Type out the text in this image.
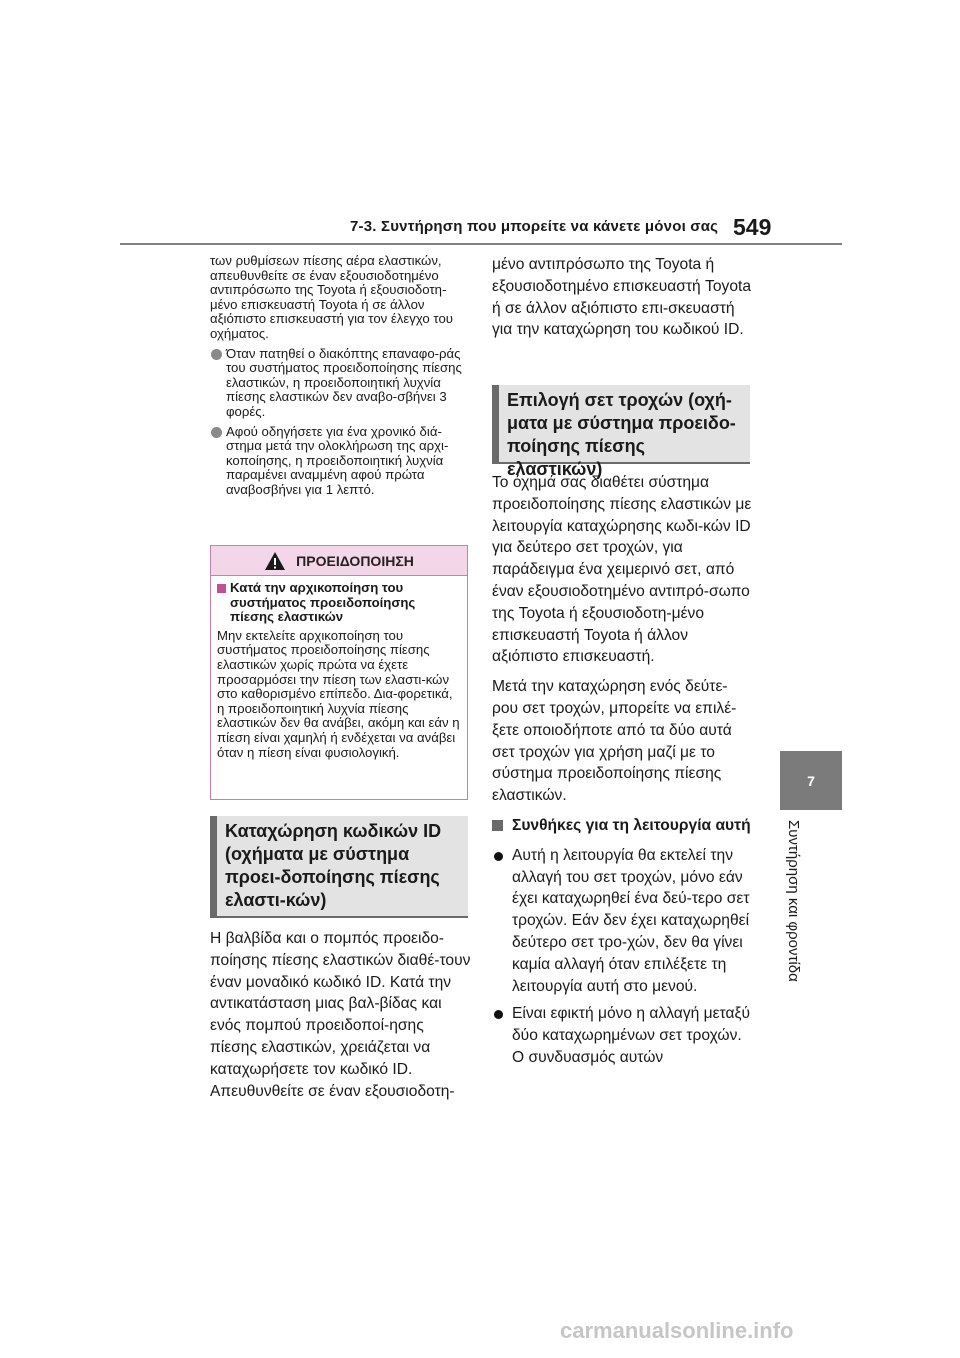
7-3. Συντήρηση που μπορείτε να κάνετε μόνοι σας 549
7
Συντήρηση και φροντίδα

των ρυθμίσεων πίεσης αέρα ελαστικών, απευθυνθείτε σε έναν εξουσιοδοτημένο αντιπρόσωπο της Toyota ή εξουσιοδοτη-μένο επισκευαστή Toyota ή σε άλλον αξιόπιστο επισκευαστή για τον έλεγχο του οχήματος.

Όταν πατηθεί ο διακόπτης επαναφο-ράς του συστήματος προειδοποίησης πίεσης ελαστικών, η προειδοποιητική λυχνία πίεσης ελαστικών δεν αναβο-σβήνει 3 φορές.
Αφού οδηγήσετε για ένα χρονικό διά-στημα μετά την ολοκλήρωση της αρχι-κοποίησης, η προειδοποιητική λυχνία παραμένει αναμμένη αφού πρώτα αναβοσβήνει για 1 λεπτό.
ΠΡΟΕΙΔΟΠΟΙΗΣΗ
Κατά την αρχικοποίηση του συστήματος προειδοποίησης πίεσης ελαστικών

Μην εκτελείτε αρχικοποίηση του συστήματος προειδοποίησης πίεσης ελαστικών χωρίς πρώτα να έχετε προσαρμόσει την πίεση των ελαστι-κών στο καθορισμένο επίπεδο. Δια-φορετικά, η προειδοποιητική λυχνία πίεσης ελαστικών δεν θα ανάβει, ακόμη και εάν η πίεση είναι χαμηλή ή ενδέχεται να ανάβει όταν η πίεση είναι φυσιολογική.

Καταχώρηση κωδικών ID (οχήματα με σύστημα προει-δοποίησης πίεσης ελαστι-κών)

Η βαλβίδα και ο πομπός προειδο-ποίησης πίεσης ελαστικών διαθέ-τουν έναν μοναδικό κωδικό ID. Κατά την αντικατάσταση μιας βαλ-βίδας και ενός πομπού προειδοποί-ησης πίεσης ελαστικών, χρειάζεται να καταχωρήσετε τον κωδικό ID. Απευθυνθείτε σε έναν εξουσιοδοτη-

μένο αντιπρόσωπο της Toyota ή εξουσιοδοτημένο επισκευαστή Toyota ή σε άλλον αξιόπιστο επι-σκευαστή για την καταχώρηση του κωδικού ID.

Επιλογή σετ τροχών (οχή-ματα με σύστημα προειδο-ποίησης πίεσης ελαστικών)

Το όχημά σας διαθέτει σύστημα προειδοποίησης πίεσης ελαστικών με λειτουργία καταχώρησης κωδι-κών ID για δεύτερο σετ τροχών, για παράδειγμα ένα χειμερινό σετ, από έναν εξουσιοδοτημένο αντιπρό-σωπο της Toyota ή εξουσιοδοτη-μένο επισκευαστή Toyota ή άλλον αξιόπιστο επισκευαστή.

Μετά την καταχώρηση ενός δεύτε-ρου σετ τροχών, μπορείτε να επιλέ-ξετε οποιοδήποτε από τα δύο αυτά σετ τροχών για χρήση μαζί με το σύστημα προειδοποίησης πίεσης ελαστικών.

Συνθήκες για τη λειτουργία αυτή
Αυτή η λειτουργία θα εκτελεί την αλλαγή του σετ τροχών, μόνο εάν έχει καταχωρηθεί ένα δεύ-τερο σετ τροχών. Εάν δεν έχει καταχωρηθεί δεύτερο σετ τρο-χών, δεν θα γίνει καμία αλλαγή όταν επιλέξετε τη λειτουργία αυτή στο μενού.
Είναι εφικτή μόνο η αλλαγή μεταξύ δύο καταχωρημένων σετ τροχών. Ο συνδυασμός αυτών
carmanualsonline.info
